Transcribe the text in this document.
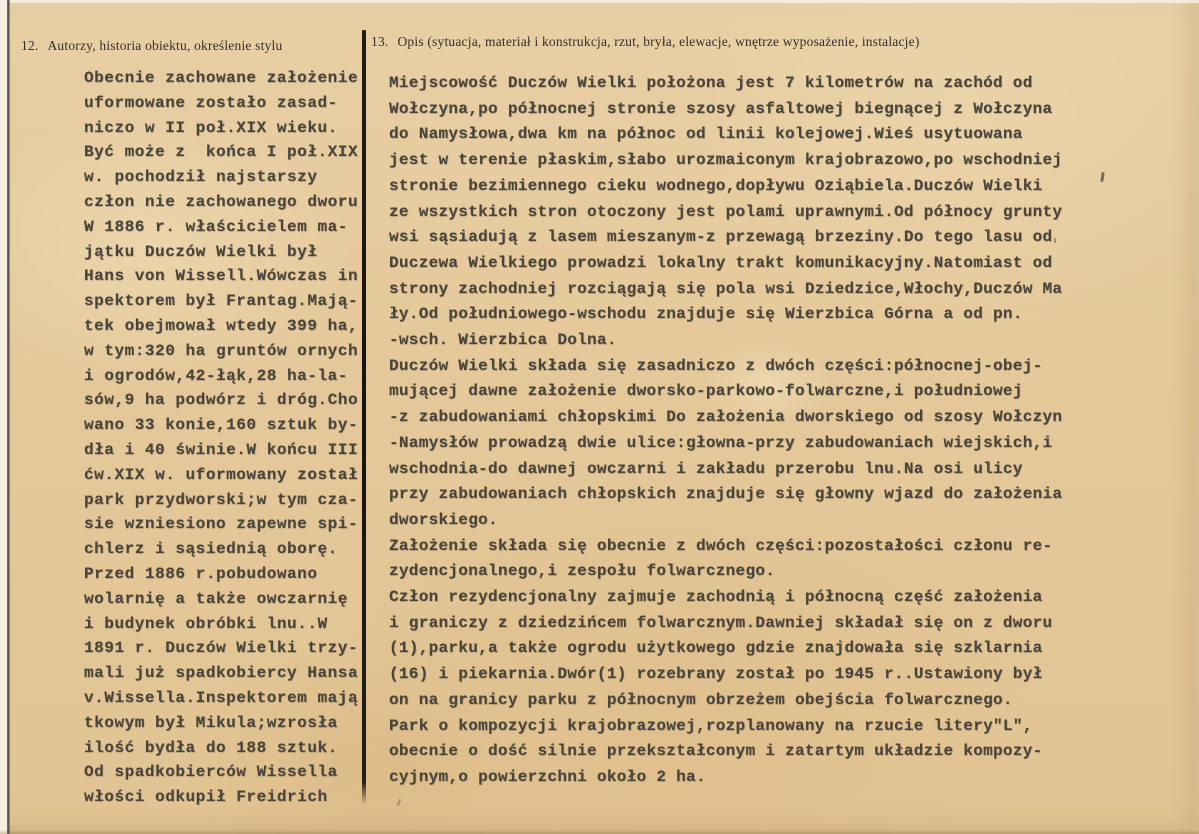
12. Autorzy, historia obiektu, określenie stylu	13. Opis (sytuacja, materiał i konstrukcja, rzut, bryła, elewacje, wnętrze wyposażenie, instalacje)
Obecnie zachowane założenie
uformowane zostało zasad-
niczo w II poł.XIX wieku.
Być może z  końca I poł.XIX
w. pochodził najstarszy
człon nie zachowanego dworu
W 1886 r. właścicielem ma-
jątku Duczów Wielki był
Hans von Wissell.Wówczas in
spektorem był Frantag.Mają-
tek obejmował wtedy 399 ha,
w tym:320 ha gruntów ornych
i ogrodów,42-łąk,28 ha-la-
sów,9 ha podwórz i dróg.Cho
wano 33 konie,160 sztuk by-
dła i 40 świnie.W końcu III
ćw.XIX w. uformowany został
park przydworski;w tym cza-
sie wzniesiono zapewne spi-
chlerz i sąsiednią oborę.
Przed 1886 r.pobudowano
wolarnię a także owczarnię
i budynek obróbki lnu..W
1891 r. Duczów Wielki trzy-
mali już spadkobiercy Hansa
v.Wissella.Inspektorem mają
tkowym był Mikula;wzrosła
ilość bydła do 188 sztuk.
Od spadkobierców Wissella
włości odkupił Freidrich
Miejscowość Duczów Wielki położona jest 7 kilometrów na zachód od
Wołczyna,po północnej stronie szosy asfaltowej biegnącej z Wołczyna
do Namysłowa,dwa km na północ od linii kolejowej.Wieś usytuowana
jest w terenie płaskim,słabo urozmaiconym krajobrazowo,po wschodniej
stronie bezimiennego cieku wodnego,dopływu Oziąbiela.Duczów Wielki
ze wszystkich stron otoczony jest polami uprawnymi.Od północy grunty
wsi sąsiadują z lasem mieszanym-z przewagą brzeziny.Do tego lasu od
Duczewa Wielkiego prowadzi lokalny trakt komunikacyjny.Natomiast od
strony zachodniej rozciągają się pola wsi Dziedzice,Włochy,Duczów Ma
ły.Od południowego-wschodu znajduje się Wierzbica Górna a od pn.
-wsch. Wierzbica Dolna.
Duczów Wielki składa się zasadniczo z dwóch części:północnej-obej-
mującej dawne założenie dworsko-parkowo-folwarczne,i południowej
-z zabudowaniami chłopskimi Do założenia dworskiego od szosy Wołczyn
-Namysłów prowadzą dwie ulice:głowna-przy zabudowaniach wiejskich,i
wschodnia-do dawnej owczarni i zakładu przerobu lnu.Na osi ulicy
przy zabudowaniach chłopskich znajduje się głowny wjazd do założenia
dworskiego.
Założenie składa się obecnie z dwóch części:pozostałości członu re-
zydencjonalnego,i zespołu folwarcznego.
Człon rezydencjonalny zajmuje zachodnią i północną część założenia
i graniczy z dziedzińcem folwarcznym.Dawniej składał się on z dworu
(1),parku,a także ogrodu użytkowego gdzie znajdowała się szklarnia
(16) i piekarnia.Dwór(1) rozebrany został po 1945 r..Ustawiony był
on na granicy parku z północnym obrzeżem obejścia folwarcznego.
Park o kompozycji krajobrazowej,rozplanowany na rzucie litery"L",
obecnie o dość silnie przekształconym i zatartym układzie kompozy-
cyjnym,o powierzchni około 2 ha.
